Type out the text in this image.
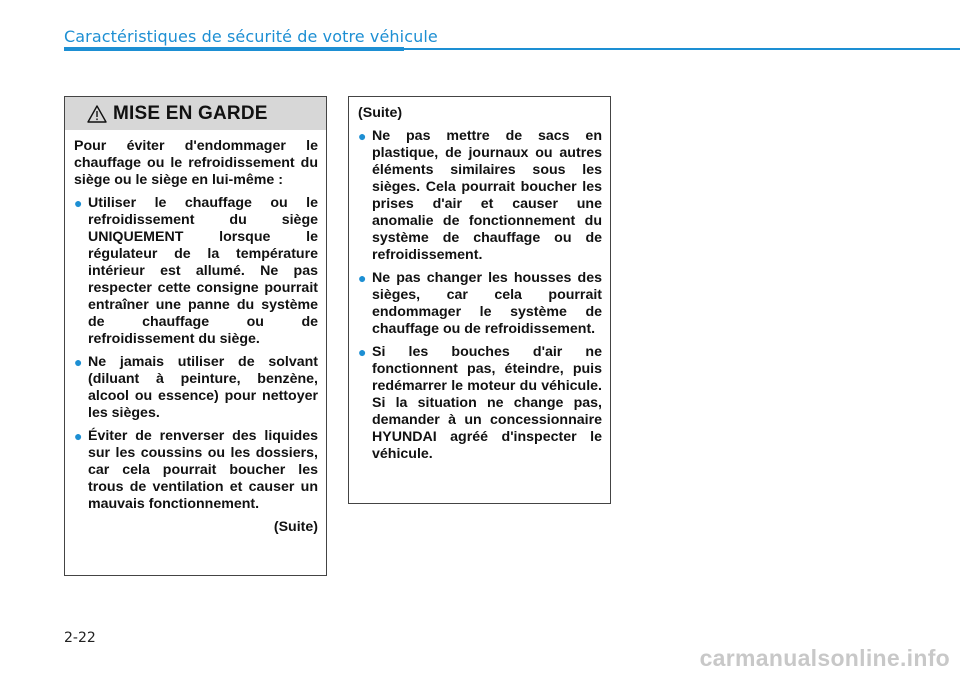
Caractéristiques de sécurité de votre véhicule
MISE EN GARDE

Pour éviter d'endommager le chauffage ou le refroidissement du siège ou le siège en lui-même :

● Utiliser le chauffage ou le refroidissement du siège UNIQUEMENT lorsque le régulateur de la température intérieur est allumé. Ne pas respecter cette consigne pourrait entraîner une panne du système de chauffage ou de refroidissement du siège.
● Ne jamais utiliser de solvant (diluant à peinture, benzène, alcool ou essence) pour nettoyer les sièges.
● Éviter de renverser des liquides sur les coussins ou les dossiers, car cela pourrait boucher les trous de ventilation et causer un mauvais fonctionnement.

(Suite)

(Suite)

● Ne pas mettre de sacs en plastique, de journaux ou autres éléments similaires sous les sièges. Cela pourrait boucher les prises d'air et causer une anomalie de fonctionnement du système de chauffage ou de refroidissement.
● Ne pas changer les housses des sièges, car cela pourrait endommager le système de chauffage ou de refroidissement.
● Si les bouches d'air ne fonctionnent pas, éteindre, puis redémarrer le moteur du véhicule. Si la situation ne change pas, demander à un concessionnaire HYUNDAI agréé d'inspecter le véhicule.
2-22
carmanualsonline.info
